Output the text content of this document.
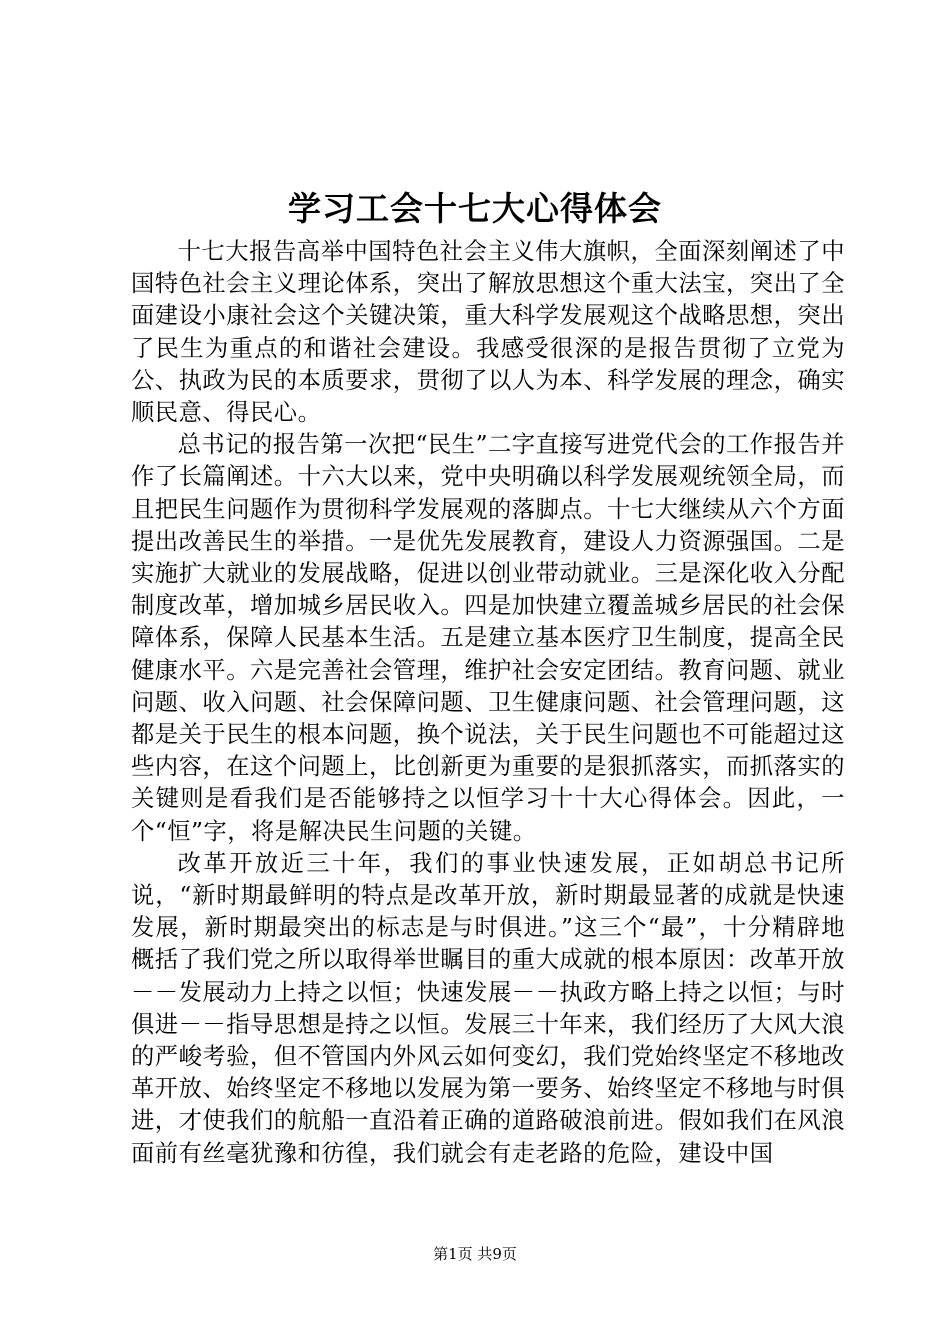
学习工会十七大心得体会

十七大报告高举中国特色社会主义伟大旗帜，全面深刻阐述了中国特色社会主义理论体系，突出了解放思想这个重大法宝，突出了全面建设小康社会这个关键决策，重大科学发展观这个战略思想，突出了民生为重点的和谐社会建设。我感受很深的是报告贯彻了立党为公、执政为民的本质要求，贯彻了以人为本、科学发展的理念，确实顺民意、得民心。

总书记的报告第一次把“民生”二字直接写进党代会的工作报告并作了长篇阐述。十六大以来，党中央明确以科学发展观统领全局，而且把民生问题作为贯彻科学发展观的落脚点。十七大继续从六个方面提出改善民生的举措。一是优先发展教育，建设人力资源强国。二是实施扩大就业的发展战略，促进以创业带动就业。三是深化收入分配制度改革，增加城乡居民收入。四是加快建立覆盖城乡居民的社会保障体系，保障人民基本生活。五是建立基本医疗卫生制度，提高全民健康水平。六是完善社会管理，维护社会安定团结。教育问题、就业问题、收入问题、社会保障问题、卫生健康问题、社会管理问题，这都是关于民生的根本问题，换个说法，关于民生问题也不可能超过这些内容，在这个问题上，比创新更为重要的是狠抓落实，而抓落实的关键则是看我们是否能够持之以恒学习十十大心得体会。因此，一个“恒”字，将是解决民生问题的关键。

改革开放近三十年，我们的事业快速发展，正如胡总书记所说，“新时期最鲜明的特点是改革开放，新时期最显著的成就是快速发展，新时期最突出的标志是与时俱进。”这三个“最”，十分精辟地概括了我们党之所以取得举世瞩目的重大成就的根本原因：改革开放－－发展动力上持之以恒；快速发展－－执政方略上持之以恒；与时俱进－－指导思想是持之以恒。发展三十年来，我们经历了大风大浪的严峻考验，但不管国内外风云如何变幻，我们党始终坚定不移地改革开放、始终坚定不移地以发展为第一要务、始终坚定不移地与时俱进，才使我们的航船一直沿着正确的道路破浪前进。假如我们在风浪面前有丝毫犹豫和彷徨，我们就会有走老路的危险，建设中国

第1页 共9页
